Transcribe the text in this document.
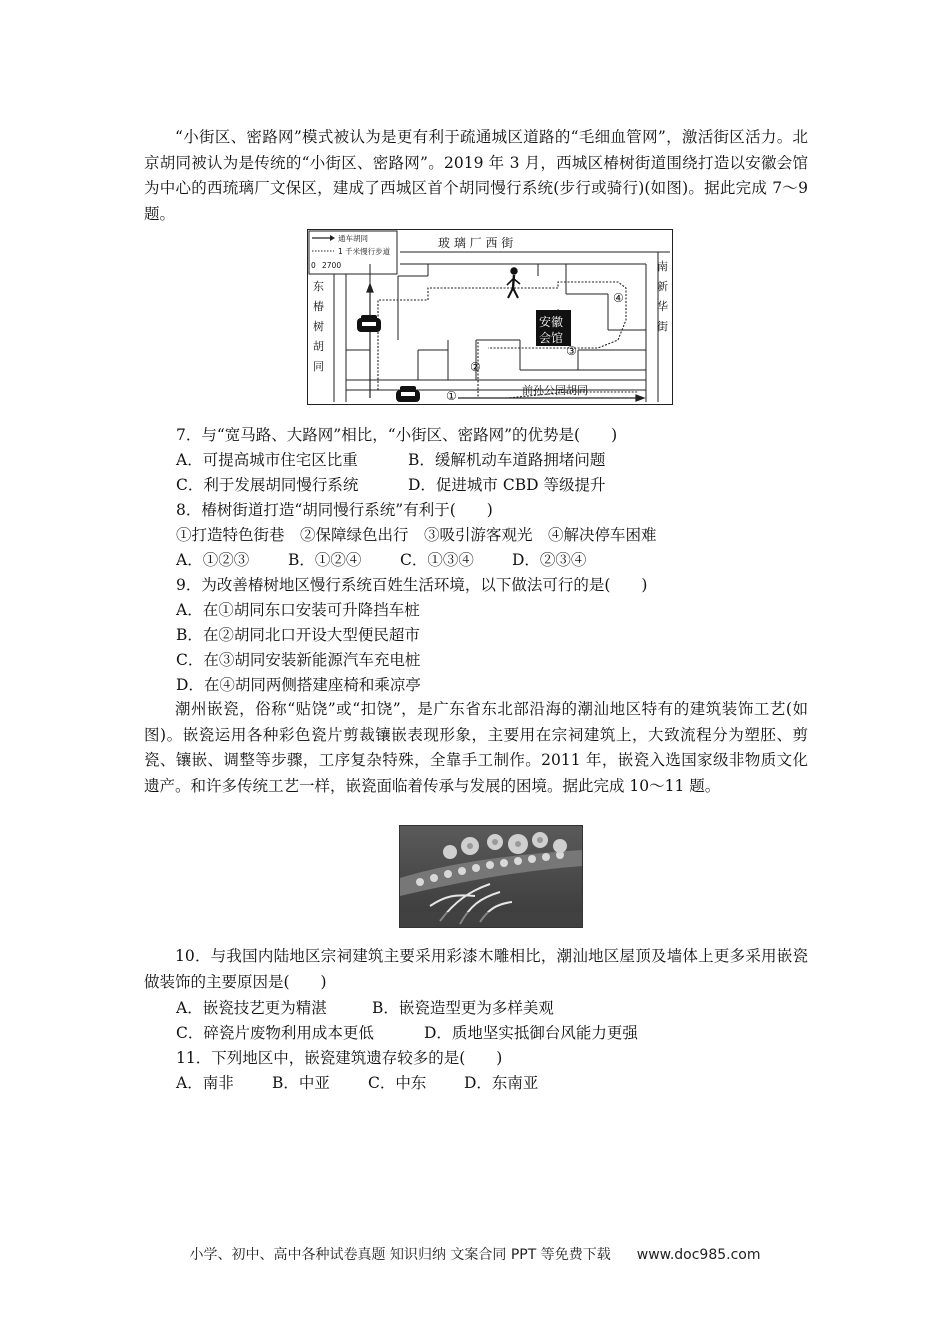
“小街区、密路网”模式被认为是更有利于疏通城区道路的“毛细血管网”，激活街区活力。北京胡同被认为是传统的“小街区、密路网”。2019 年 3 月，西城区椿树街道围绕打造以安徽会馆为中心的西琉璃厂文保区，建成了西城区首个胡同慢行系统(步行或骑行)(如图)。据此完成 7～9 题。

通车胡同
1 千米慢行步道
0 2700
玻 璃 厂 西 街
前孙公园胡同
东
椿
树
胡
同
南
新
华
街
安徽
会馆
①
②
③
④

7．与“宽马路、大路网”相比，“小街区、密路网”的优势是(　　)

A．可提高城市住宅区比重	B．缓解机动车道路拥堵问题

C．利于发展胡同慢行系统	D．促进城市 CBD 等级提升

8．椿树街道打造“胡同慢行系统”有利于(　　)

①打造特色街巷　②保障绿色出行　③吸引游客观光　④解决停车困难

A．①②③	B．①②④ C．①③④ D．②③④

9．为改善椿树地区慢行系统百姓生活环境，以下做法可行的是(　　)

A．在①胡同东口安装可升降挡车桩

B．在②胡同北口开设大型便民超市

C．在③胡同安装新能源汽车充电桩

D．在④胡同两侧搭建座椅和乘凉亭

潮州嵌瓷，俗称“贴饶”或“扣饶”，是广东省东北部沿海的潮汕地区特有的建筑装饰工艺(如图)。嵌瓷运用各种彩色瓷片剪裁镶嵌表现形象，主要用在宗祠建筑上，大致流程分为塑胚、剪瓷、镶嵌、调整等步骤，工序复杂特殊，全靠手工制作。2011 年，嵌瓷入选国家级非物质文化遗产。和许多传统工艺一样，嵌瓷面临着传承与发展的困境。据此完成 10～11 题。

10．与我国内陆地区宗祠建筑主要采用彩漆木雕相比，潮汕地区屋顶及墙体上更多采用嵌瓷做装饰的主要原因是(　　)

A．嵌瓷技艺更为精湛	B．嵌瓷造型更为多样美观

C．碎瓷片废物利用成本更低	D．质地坚实抵御台风能力更强

11．下列地区中，嵌瓷建筑遗存较多的是(　　)

A．南非 B．中亚 C．中东 D．东南亚

小学、初中、高中各种试卷真题 知识归纳 文案合同 PPT 等免费下载 www.doc985.com
